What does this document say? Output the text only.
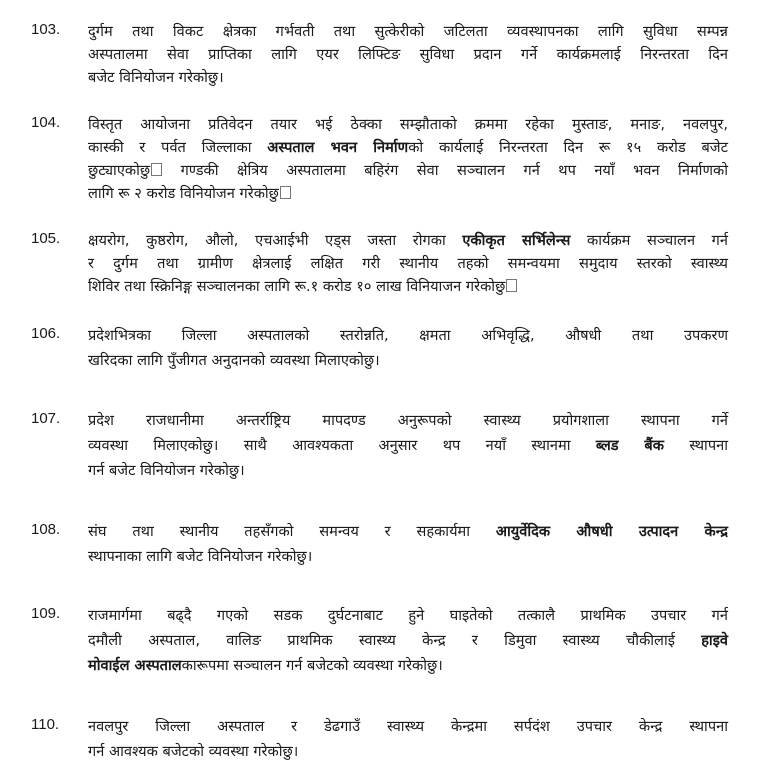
103. दुर्गम तथा विकट क्षेत्रका गर्भवती तथा सुत्केरीको जटिलता व्यवस्थापनका लागि सुविधा सम्पन्न
अस्पतालमा सेवा प्राप्तिका लागि एयर लिफ्टिङ सुविधा प्रदान गर्ने कार्यक्रमलाई निरन्तरता दिन
बजेट विनियोजन गरेकोछु।
104. विस्तृत आयोजना प्रतिवेदन तयार भई ठेक्का सम्झौताको क्रममा रहेका मुस्ताङ, मनाङ, नवलपुर,
कास्की र पर्वत जिल्लाका अस्पताल भवन निर्माणको कार्यलाई निरन्तरता दिन रू १५ करोड बजेट
छुट्याएकोछु गण्डकी क्षेत्रिय अस्पतालमा बहिरंग सेवा सञ्चालन गर्न थप नयाँ भवन निर्माणको
लागि रू २ करोड विनियोजन गरेकोछु
105. क्षयरोग, कुष्ठरोग, औलो, एचआईभी एड्स जस्ता रोगका एकीकृत सर्भिलेन्स कार्यक्रम सञ्चालन गर्न
र दुर्गम तथा ग्रामीण क्षेत्रलाई लक्षित गरी स्थानीय तहको समन्वयमा समुदाय स्तरको स्वास्थ्य
शिविर तथा स्क्रिनिङ्ग सञ्चालनका लागि रू.१ करोड १० लाख विनियाजन गरेकोछु
106. प्रदेशभित्रका जिल्ला अस्पतालको स्तरोन्नति, क्षमता अभिवृद्धि, औषधी तथा उपकरण
खरिदका लागि पुँजीगत अनुदानको व्यवस्था मिलाएकोछु।
107. प्रदेश राजधानीमा अन्तर्राष्ट्रिय मापदण्ड अनुरूपको स्वास्थ्य प्रयोगशाला स्थापना गर्ने
व्यवस्था मिलाएकोछु। साथै आवश्यकता अनुसार थप नयाँ स्थानमा ब्लड बैंक स्थापना
गर्न बजेट विनियोजन गरेकोछु।
108. संघ तथा स्थानीय तहसँगको समन्वय र सहकार्यमा आयुर्वेदिक औषधी उत्पादन केन्द्र
स्थापनाका लागि बजेट विनियोजन गरेकोछु।
109. राजमार्गमा बढ्दै गएको सडक दुर्घटनाबाट हुने घाइतेको तत्कालै प्राथमिक उपचार गर्न
दमौली अस्पताल, वालिङ प्राथमिक स्वास्थ्य केन्द्र र डिमुवा स्वास्थ्य चौकीलाई हाइवे
मोवाईल अस्पतालकारूपमा सञ्चालन गर्न बजेटको व्यवस्था गरेकोछु।
110. नवलपुर जिल्ला अस्पताल र डेढगाउँ स्वास्थ्य केन्द्रमा सर्पदंश उपचार केन्द्र स्थापना
गर्न आवश्यक बजेटको व्यवस्था गरेकोछु।
